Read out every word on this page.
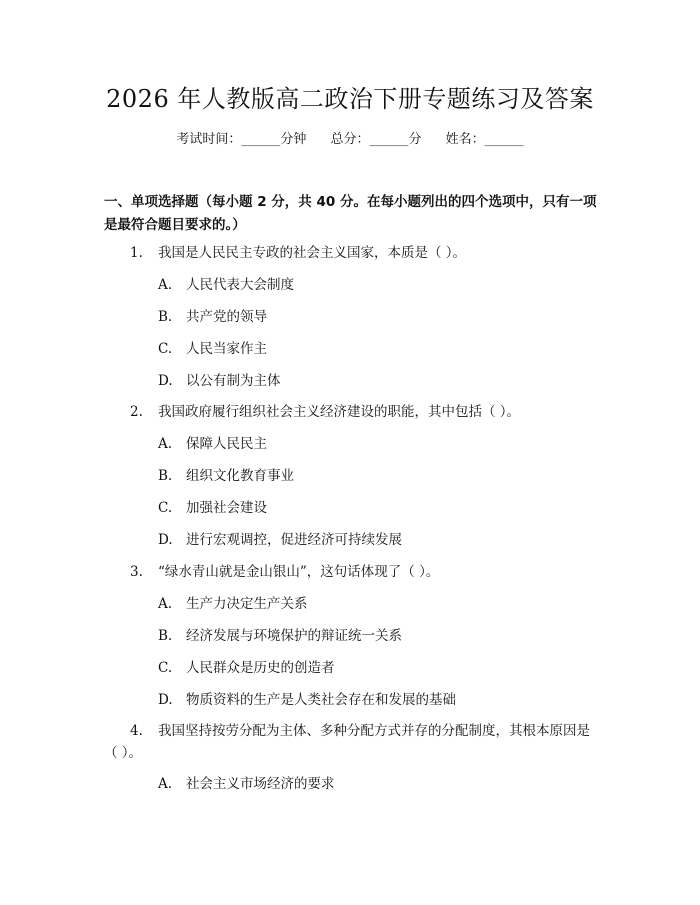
2026 年人教版高二政治下册专题练习及答案
考试时间：______分钟 总分：______分 姓名：______
一、单项选择题（每小题 2 分，共 40 分。在每小题列出的四个选项中，只有一项是最符合题目要求的。）
1. 我国是人民民主专政的社会主义国家，本质是（ ）。
A. 人民代表大会制度
B. 共产党的领导
C. 人民当家作主
D. 以公有制为主体
2. 我国政府履行组织社会主义经济建设的职能，其中包括（ ）。
A. 保障人民民主
B. 组织文化教育事业
C. 加强社会建设
D. 进行宏观调控，促进经济可持续发展
3. “绿水青山就是金山银山”，这句话体现了（ ）。
A. 生产力决定生产关系
B. 经济发展与环境保护的辩证统一关系
C. 人民群众是历史的创造者
D. 物质资料的生产是人类社会存在和发展的基础
4. 我国坚持按劳分配为主体、多种分配方式并存的分配制度，其根本原因是（ ）。
A. 社会主义市场经济的要求
